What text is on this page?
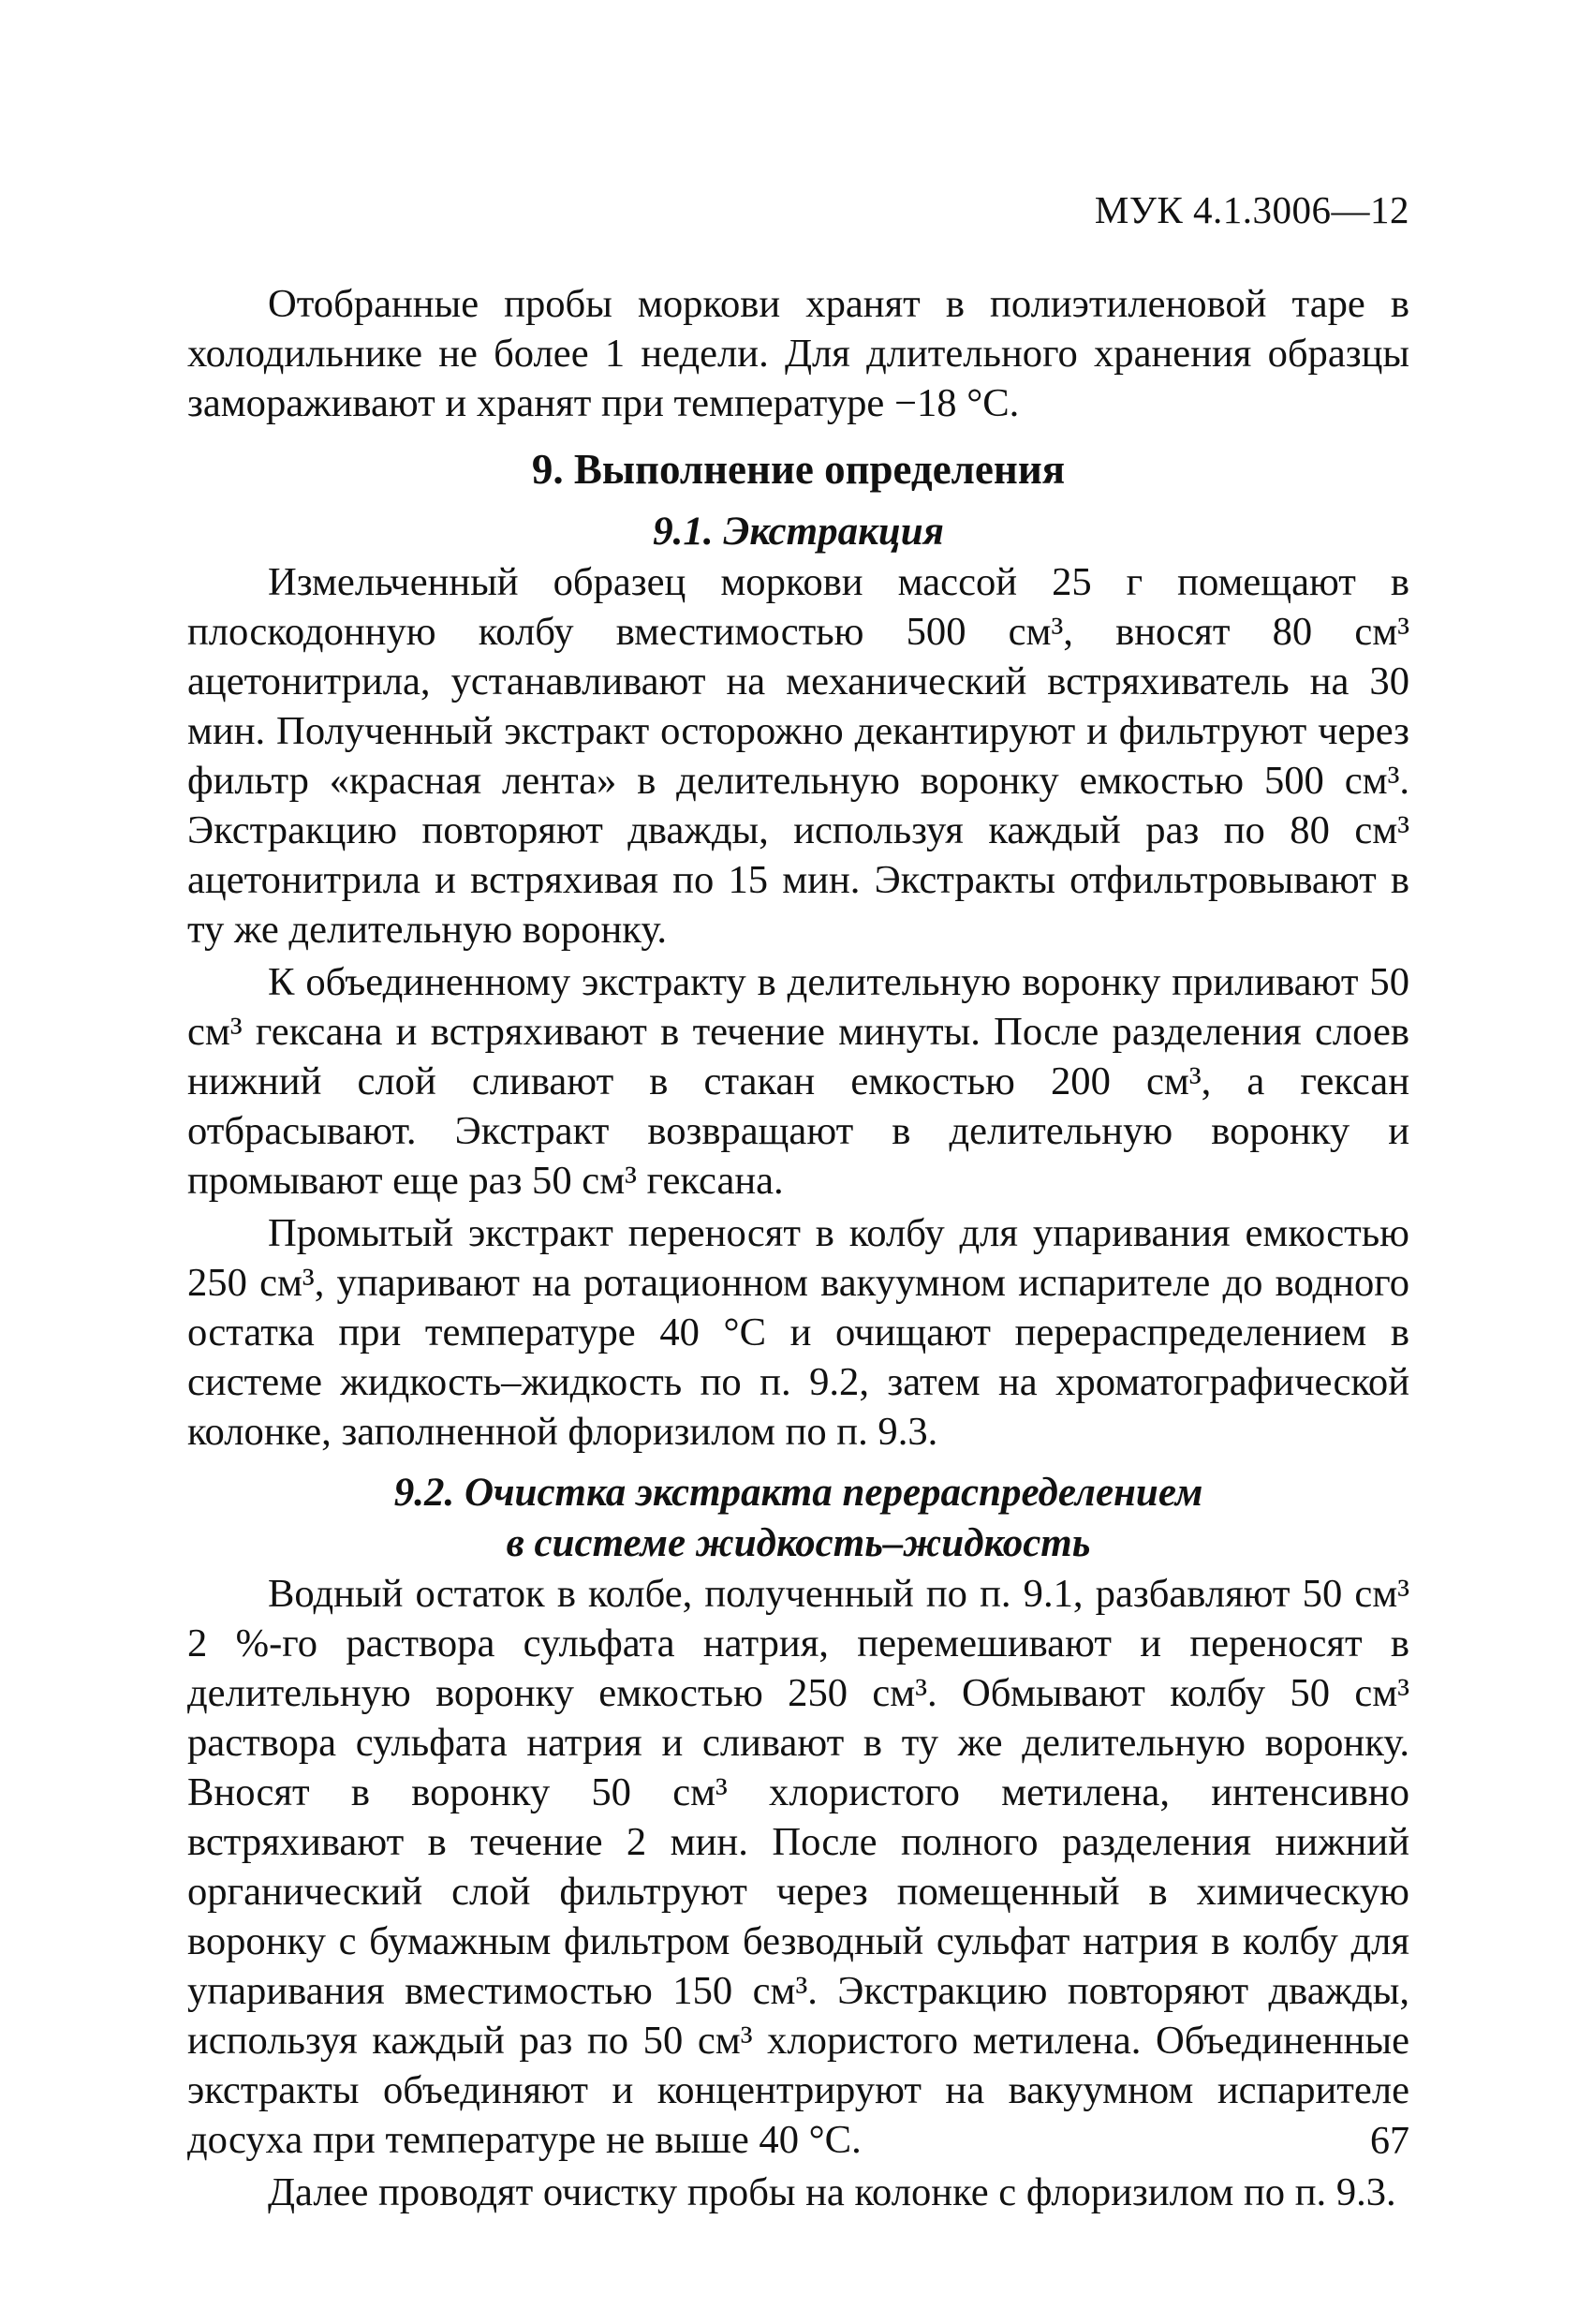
МУК 4.1.3006—12

Отобранные пробы моркови хранят в полиэтиленовой таре в холодильнике не более 1 недели. Для длительного хранения образцы замораживают и хранят при температуре −18 °С.

9. Выполнение определения
9.1. Экстракция

Измельченный образец моркови массой 25 г помещают в плоскодонную колбу вместимостью 500 см³, вносят 80 см³ ацетонитрила, устанавливают на механический встряхиватель на 30 мин. Полученный экстракт осторожно декантируют и фильтруют через фильтр «красная лента» в делительную воронку емкостью 500 см³. Экстракцию повторяют дважды, используя каждый раз по 80 см³ ацетонитрила и встряхивая по 15 мин. Экстракты отфильтровывают в ту же делительную воронку.

К объединенному экстракту в делительную воронку приливают 50 см³ гексана и встряхивают в течение минуты. После разделения слоев нижний слой сливают в стакан емкостью 200 см³, а гексан отбрасывают. Экстракт возвращают в делительную воронку и промывают еще раз 50 см³ гексана.

Промытый экстракт переносят в колбу для упаривания емкостью 250 см³, упаривают на ротационном вакуумном испарителе до водного остатка при температуре 40 °С и очищают перераспределением в системе жидкость–жидкость по п. 9.2, затем на хроматографической колонке, заполненной флоризилом по п. 9.3.

9.2. Очистка экстракта перераспределением
в системе жидкость–жидкость

Водный остаток в колбе, полученный по п. 9.1, разбавляют 50 см³ 2 %-го раствора сульфата натрия, перемешивают и переносят в делительную воронку емкостью 250 см³. Обмывают колбу 50 см³ раствора сульфата натрия и сливают в ту же делительную воронку. Вносят в воронку 50 см³ хлористого метилена, интенсивно встряхивают в течение 2 мин. После полного разделения нижний органический слой фильтруют через помещенный в химическую воронку с бумажным фильтром безводный сульфат натрия в колбу для упаривания вместимостью 150 см³. Экстракцию повторяют дважды, используя каждый раз по 50 см³ хлористого метилена. Объединенные экстракты объединяют и концентрируют на вакуумном испарителе досуха при температуре не выше 40 °С.

Далее проводят очистку пробы на колонке с флоризилом по п. 9.3.

67
